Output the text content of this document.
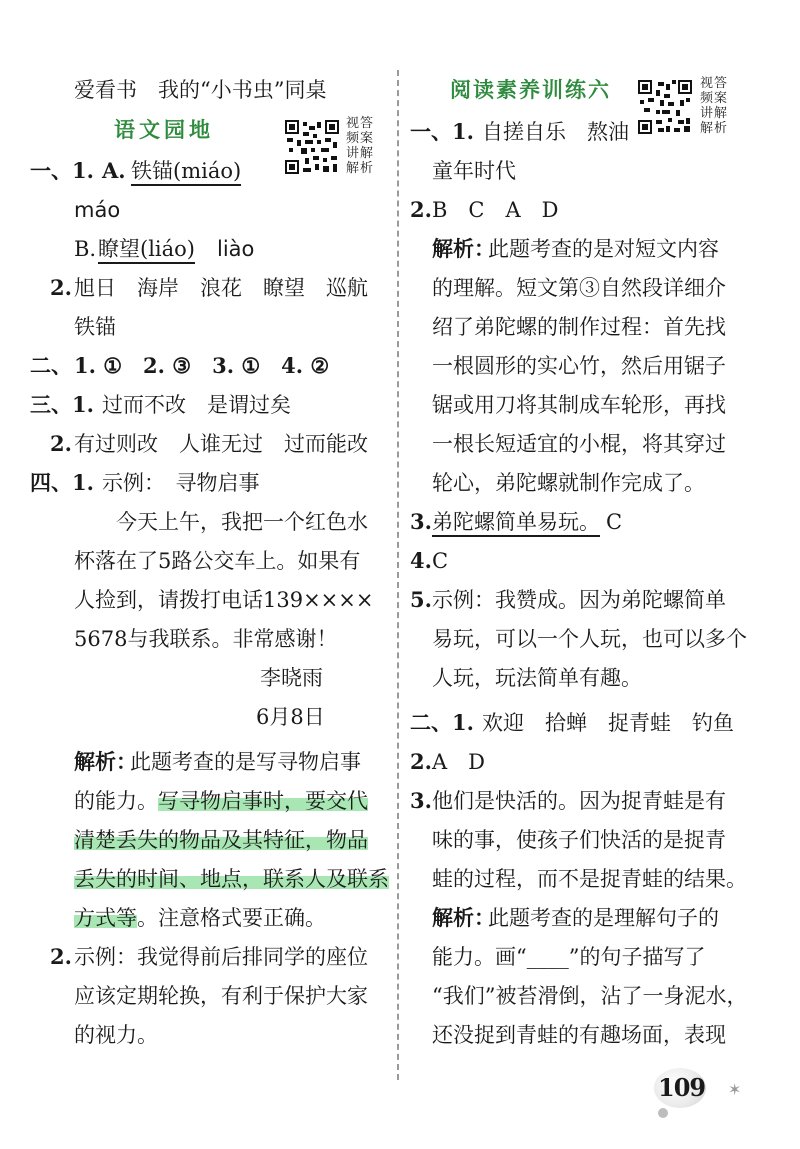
爱看书　我的“小书虫”同桌
语文园地	视答频案讲解解析
一、1. A. 铁锚(miáo)
máo
B. 瞭望(liáo) liào
2. 旭日　海岸　浪花　瞭望　巡航
铁锚
二、 1. ①　2. ③　3. ①　4. ②
三、1. 过而不改　是谓过矣
2. 有过则改　人谁无过　过而能改
四、1. 示例：　寻物启事
今天上午，我把一个红色水
杯落在了5路公交车上。如果有
人捡到，请拨打电话139××××
5678与我联系。非常感谢！
李晓雨
6月8日
解析：
此题考查的是写寻物启事
的能力。写寻物启事时，要交代
清楚丢失的物品及其特征，物品
丢失的时间、地点，联系人及联系
方式等。注意格式要正确。
2. 示例：我觉得前后排同学的座位
应该定期轮换，有利于保护大家
的视力。
阅读素养训练六	视答频案讲解解析
一、1. 自搓自乐　熬油
童年时代
2. B　C　A　D
解析：
此题考查的是对短文内容
的理解。短文第③自然段详细介
绍了弟陀螺的制作过程：首先找
一根圆形的实心竹，然后用锯子
锯或用刀将其制成车轮形，再找
一根长短适宜的小棍，将其穿过
轮心，弟陀螺就制作完成了。
3. 弟陀螺简单易玩。 C
4. C
5. 示例：我赞成。因为弟陀螺简单
易玩，可以一个人玩，也可以多个
人玩，玩法简单有趣。
二、1. 欢迎　拾蝉　捉青蛙　钓鱼
2. A　D
3. 他们是快活的。因为捉青蛙是有
味的事，使孩子们快活的是捉青
蛙的过程，而不是捉青蛙的结果。
解析：
此题考查的是理解句子的
能力。画“____”的句子描写了
“我们”被苔滑倒，沾了一身泥水，
还没捉到青蛙的有趣场面，表现
109 ✶
